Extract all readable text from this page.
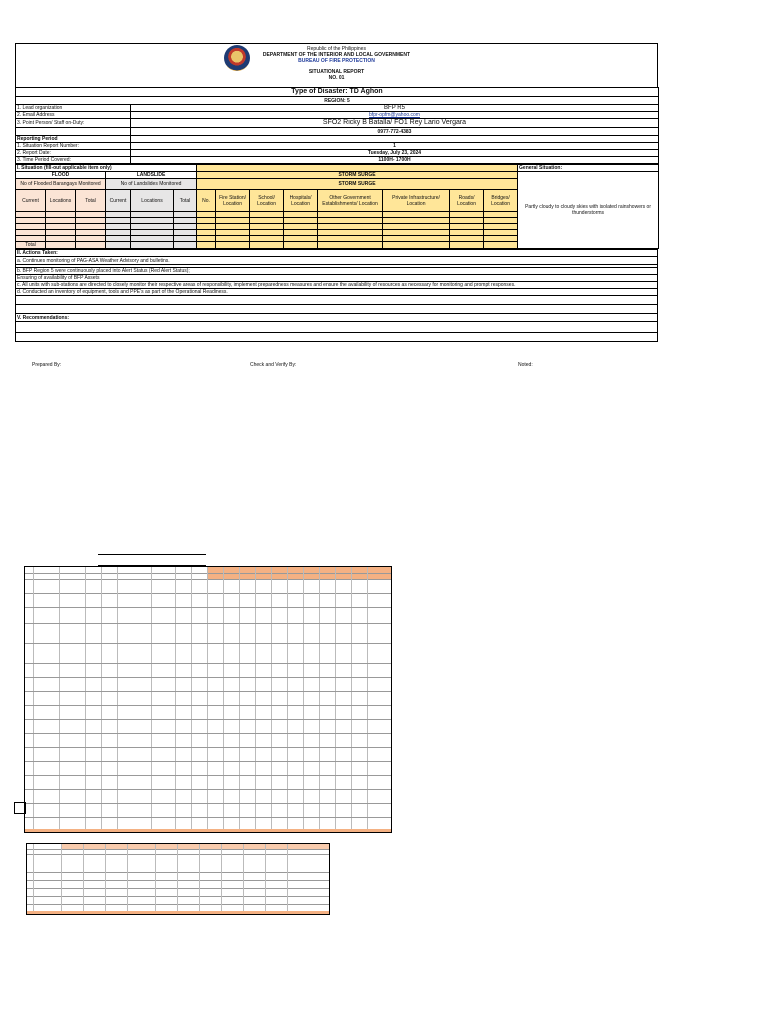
Republic of the Philippines
DEPARTMENT OF THE INTERIOR AND LOCAL GOVERNMENT
BUREAU OF FIRE PROTECTION
SITUATIONAL REPORT
NO. 01
Type of Disaster: TD Aghon	
REGION: 5	
1. Lead organization	BFP R5
2. Email Address	bfpr-opfm@yahoo.com
3. Point Person/ Staff on-Duty:	SFO2 Ricky B Batalla/ FO1 Rey Lario Vergara
	0977-772-4383
Reporting Period	
1. Situation Report Number:	1
2. Report Date:	Tuesday, July 23, 2024
3. Time Period Covered:	1100H- 1700H
I. Situation (fill-out applicable item only)														General Situation:
FLOOD			LANDSLIDE			STORM SURGE								Partly cloudy to cloudy skies with isolated rainshowers or thunderstorms
No of Flooded Barangays Monitored			No of Landslides Monitored			STORM SURGE								
Current	Locations	Total	Current	Locations	Total	No.	Fire Station/ Location	School/ Location	Hospitals/ Location	Other Government Establishments/ Location	Private Infrastructure/ Location	Roads/ Location	Bridges/ Location	

Total														
II. Actions Taken:
a. Continues monitoring of PAG-ASA Weather Advisory and bulletins.

b. BFP Region 5 were continuously placed into Alert Status (Red Alert Status);
Ensuring of availability of BFP Assets
c. All units with sub-stations are directed to closely monitor their respective areas of responsibility, implement preparedness measures and ensure the availability of resources as necessary for monitoring and prompt responses.
d. Conducted an inventory of equipment, tools and PPE's as part of the Operational Readiness.

V. Recommendations:

Prepared By:	Check and Verify By:	Noted:
